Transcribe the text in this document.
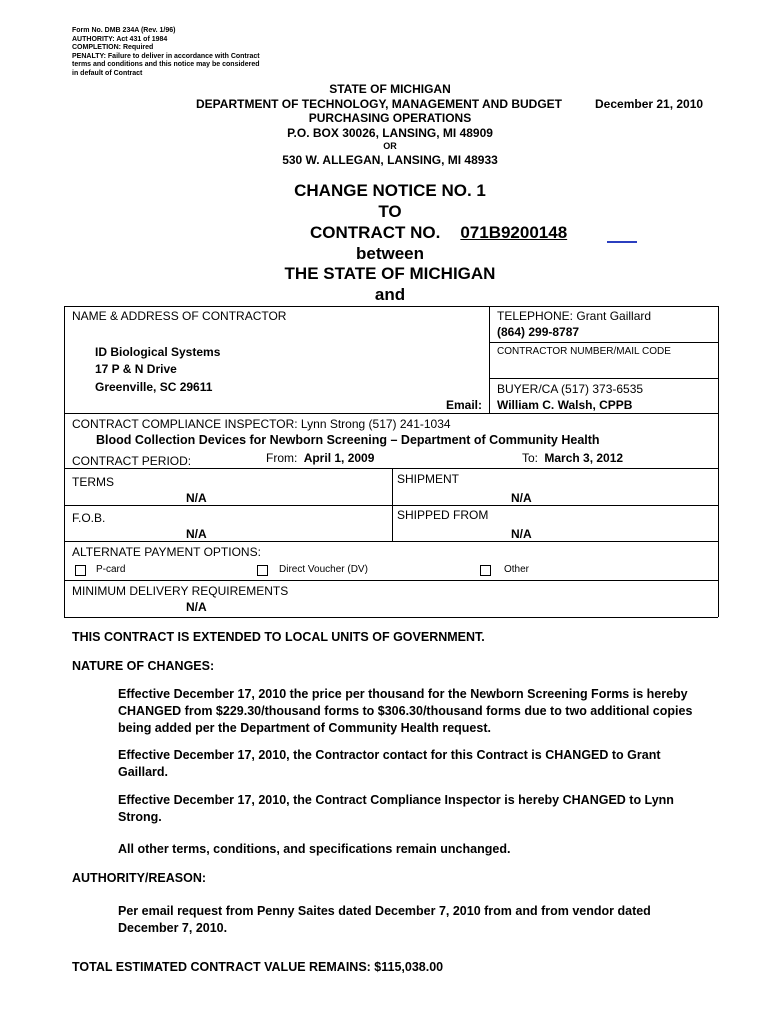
Form No. DMB 234A (Rev. 1/96)
AUTHORITY: Act 431 of 1984
COMPLETION: Required
PENALTY: Failure to deliver in accordance with Contract
terms and conditions and this notice may be considered
in default of Contract
STATE OF MICHIGAN
DEPARTMENT OF TECHNOLOGY, MANAGEMENT AND BUDGET	December 21, 2010
PURCHASING OPERATIONS
P.O. BOX 30026, LANSING, MI 48909
OR
530 W. ALLEGAN, LANSING, MI 48933
CHANGE NOTICE NO. 1
TO
CONTRACT NO. 071B9200148
between
THE STATE OF MICHIGAN
and
NAME & ADDRESS OF CONTRACTOR
ID Biological Systems
17 P & N Drive
Greenville, SC 29611
Email:
TELEPHONE: Grant Gaillard
(864) 299-8787
CONTRACTOR NUMBER/MAIL CODE
BUYER/CA (517) 373-6535
William C. Walsh, CPPB
CONTRACT COMPLIANCE INSPECTOR: Lynn Strong (517) 241-1034
Blood Collection Devices for Newborn Screening – Department of Community Health
CONTRACT PERIOD:	From: April 1, 2009	To: March 3, 2012
TERMS
N/A
SHIPMENT
N/A
F.O.B.
N/A
SHIPPED FROM
N/A
ALTERNATE PAYMENT OPTIONS:
P-card	Direct Voucher (DV)	Other
MINIMUM DELIVERY REQUIREMENTS
N/A
THIS CONTRACT IS EXTENDED TO LOCAL UNITS OF GOVERNMENT.
NATURE OF CHANGES:
Effective December 17, 2010 the price per thousand for the Newborn Screening Forms is hereby CHANGED from $229.30/thousand forms to $306.30/thousand forms due to two additional copies being added per the Department of Community Health request.
Effective December 17, 2010, the Contractor contact for this Contract is CHANGED to Grant Gaillard.
Effective December 17, 2010, the Contract Compliance Inspector is hereby CHANGED to Lynn Strong.
All other terms, conditions, and specifications remain unchanged.
AUTHORITY/REASON:
Per email request from Penny Saites dated December 7, 2010 from and from vendor dated December 7, 2010.
TOTAL ESTIMATED CONTRACT VALUE REMAINS: $115,038.00
